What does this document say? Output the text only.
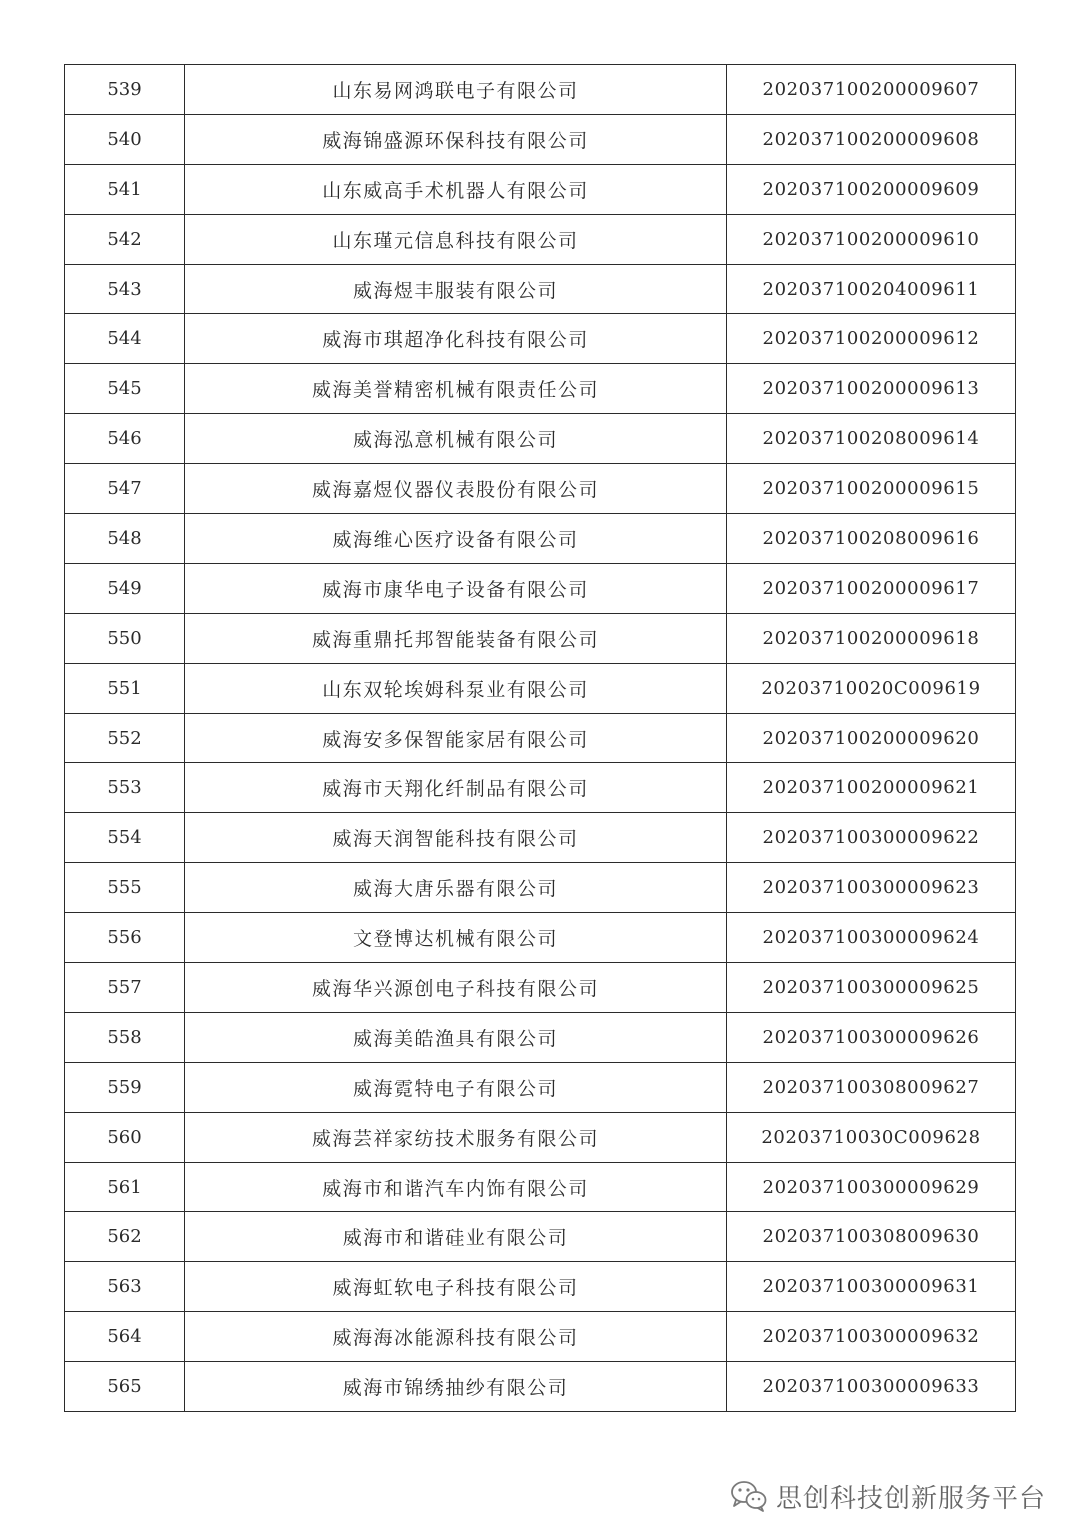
539	山东易网鸿联电子有限公司	202037100200009607
540	威海锦盛源环保科技有限公司	202037100200009608
541	山东威高手术机器人有限公司	202037100200009609
542	山东瑾元信息科技有限公司	202037100200009610
543	威海煜丰服装有限公司	202037100204009611
544	威海市琪超净化科技有限公司	202037100200009612
545	威海美誉精密机械有限责任公司	202037100200009613
546	威海泓意机械有限公司	202037100208009614
547	威海嘉煜仪器仪表股份有限公司	202037100200009615
548	威海维心医疗设备有限公司	202037100208009616
549	威海市康华电子设备有限公司	202037100200009617
550	威海重鼎托邦智能装备有限公司	202037100200009618
551	山东双轮埃姆科泵业有限公司	20203710020C009619
552	威海安多保智能家居有限公司	202037100200009620
553	威海市天翔化纤制品有限公司	202037100200009621
554	威海天润智能科技有限公司	202037100300009622
555	威海大唐乐器有限公司	202037100300009623
556	文登博达机械有限公司	202037100300009624
557	威海华兴源创电子科技有限公司	202037100300009625
558	威海美皓渔具有限公司	202037100300009626
559	威海霓特电子有限公司	202037100308009627
560	威海芸祥家纺技术服务有限公司	20203710030C009628
561	威海市和谐汽车内饰有限公司	202037100300009629
562	威海市和谐硅业有限公司	202037100308009630
563	威海虹软电子科技有限公司	202037100300009631
564	威海海冰能源科技有限公司	202037100300009632
565	威海市锦绣抽纱有限公司	202037100300009633
思创科技创新服务平台
